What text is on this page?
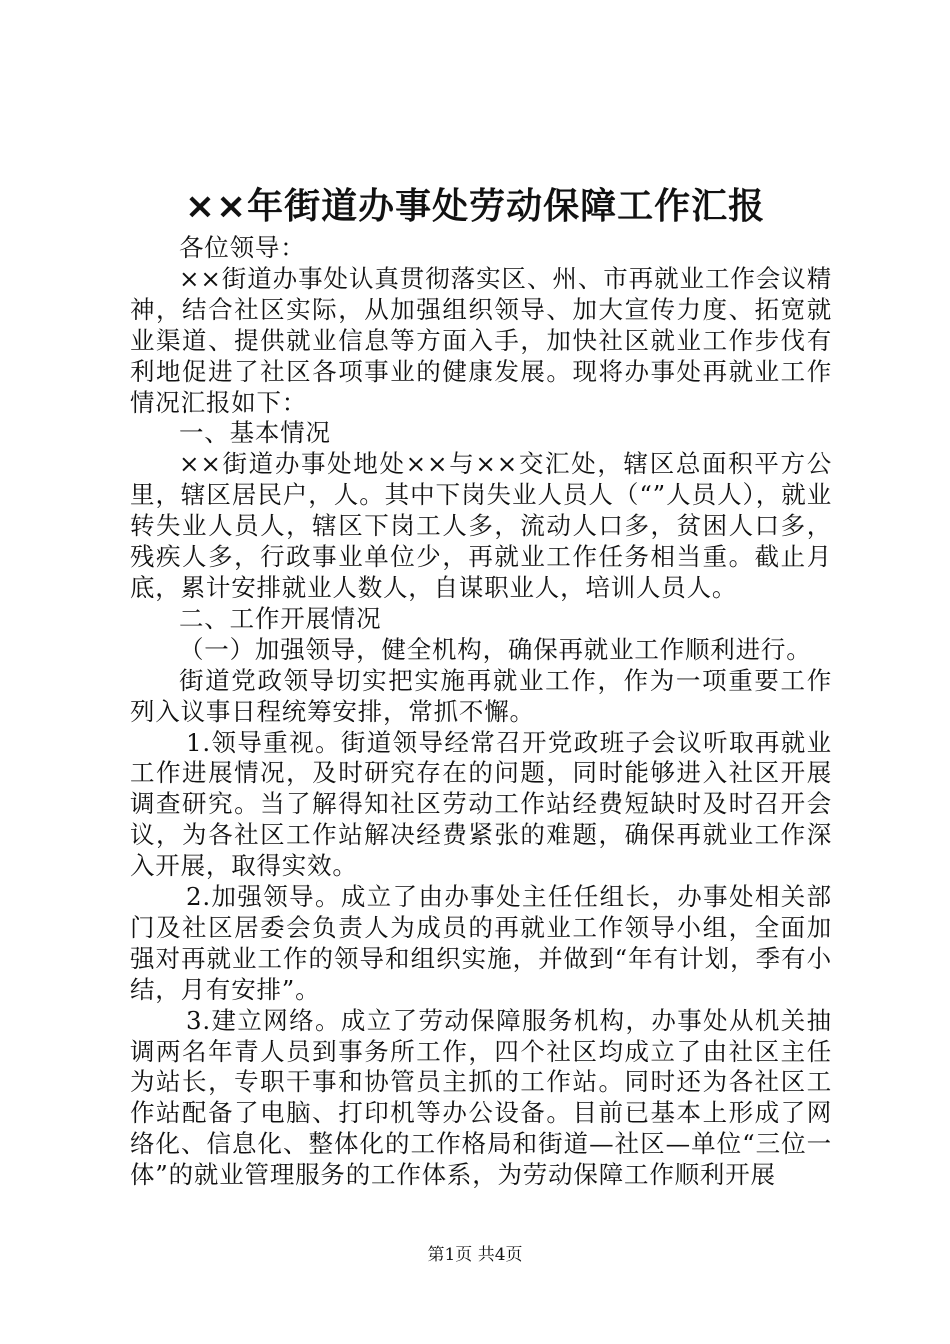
××年街道办事处劳动保障工作汇报

各位领导：

××街道办事处认真贯彻落实区、州、市再就业工作会议精神，结合社区实际，从加强组织领导、加大宣传力度、拓宽就业渠道、提供就业信息等方面入手，加快社区就业工作步伐有利地促进了社区各项事业的健康发展。现将办事处再就业工作情况汇报如下：

一、基本情况

××街道办事处地处××与××交汇处，辖区总面积平方公里，辖区居民户，人。其中下岗失业人员人（“”人员人），就业转失业人员人，辖区下岗工人多，流动人口多，贫困人口多，残疾人多，行政事业单位少，再就业工作任务相当重。截止月底，累计安排就业人数人，自谋职业人，培训人员人。

二、工作开展情况

（一）加强领导，健全机构，确保再就业工作顺利进行。

街道党政领导切实把实施再就业工作，作为一项重要工作列入议事日程统筹安排，常抓不懈。

1.领导重视。街道领导经常召开党政班子会议听取再就业工作进展情况，及时研究存在的问题，同时能够进入社区开展调查研究。当了解得知社区劳动工作站经费短缺时及时召开会议，为各社区工作站解决经费紧张的难题，确保再就业工作深入开展，取得实效。

2.加强领导。成立了由办事处主任任组长，办事处相关部门及社区居委会负责人为成员的再就业工作领导小组，全面加强对再就业工作的领导和组织实施，并做到“年有计划，季有小结，月有安排”。

3.建立网络。成立了劳动保障服务机构，办事处从机关抽调两名年青人员到事务所工作，四个社区均成立了由社区主任为站长，专职干事和协管员主抓的工作站。同时还为各社区工作站配备了电脑、打印机等办公设备。目前已基本上形成了网络化、信息化、整体化的工作格局和街道—社区—单位“三位一体”的就业管理服务的工作体系，为劳动保障工作顺利开展

第1页 共4页
